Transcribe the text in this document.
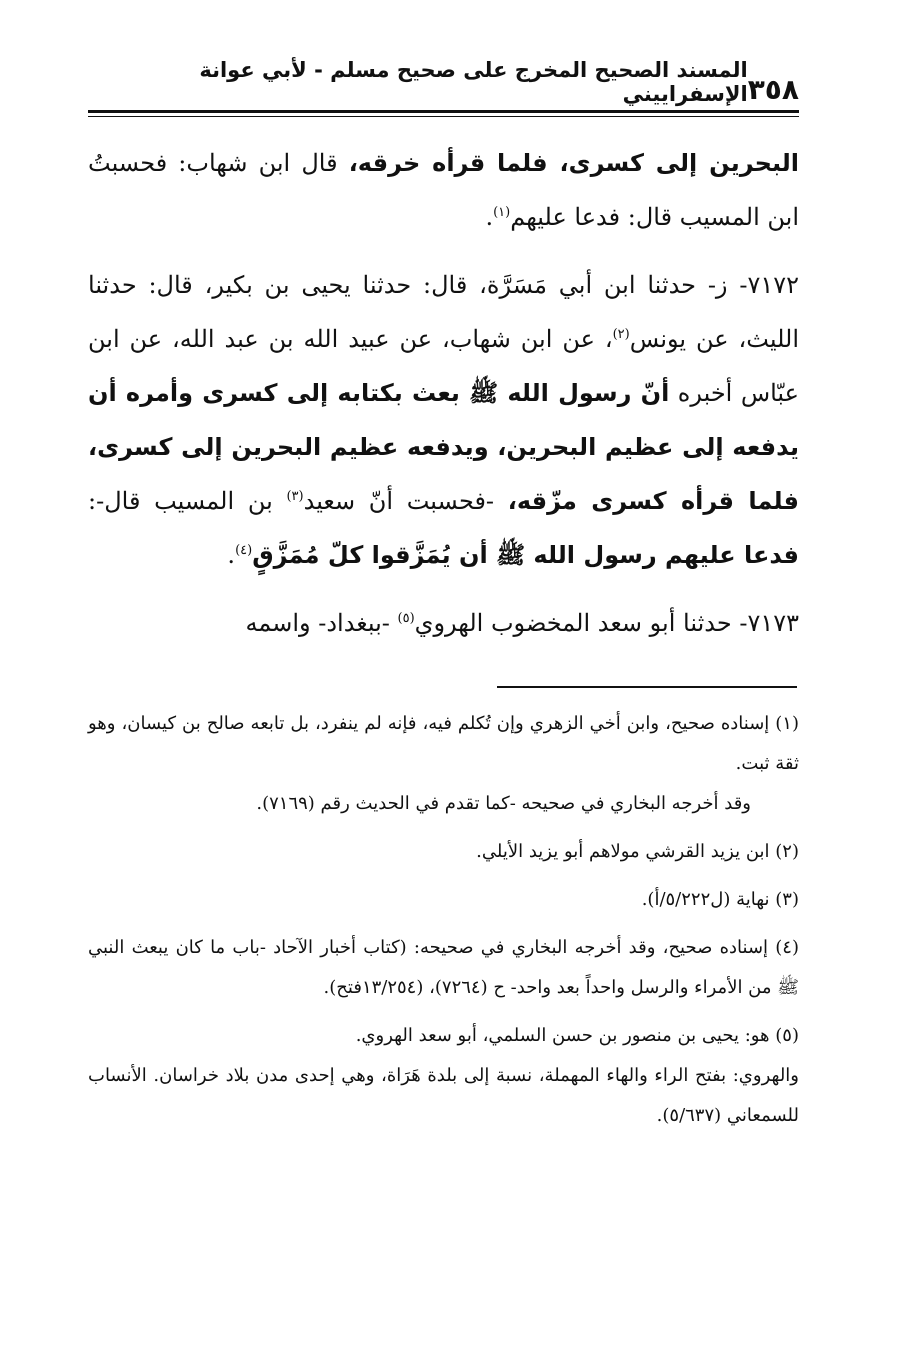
٣٥٨
المسند الصحيح المخرج على صحيح مسلم - لأبي عوانة الإسفراييني

البحرين إلى كسرى، فلما قرأه خرقه، قال ابن شهاب: فحسبتُ ابن المسيب قال: فدعا عليهم$^{(١)}$.

٧١٧٢- ز- حدثنا ابن أبي مَسَرَّة، قال: حدثنا يحيى بن بكير، قال: حدثنا الليث، عن يونس$^{(٢)}$، عن ابن شهاب، عن عبيد الله بن عبد الله، عن ابن عبّاس أخبره أنّ رسول الله ﷺ بعث بكتابه إلى كسرى وأمره أن يدفعه إلى عظيم البحرين، ويدفعه عظيم البحرين إلى كسرى، فلما قرأه كسرى مزّقه، -فحسبت أنّ سعيد$^{(٣)}$ بن المسيب قال-: فدعا عليهم رسول الله ﷺ أن يُمَزَّقوا كلّ مُمَزَّقٍ$^{(٤)}$.

٧١٧٣- حدثنا أبو سعد المخضوب الهروي$^{(٥)}$ -ببغداد- واسمه

(١) إسناده صحيح، وابن أخي الزهري وإن تُكلم فيه، فإنه لم ينفرد، بل تابعه صالح بن كيسان، وهو ثقة ثبت.

وقد أخرجه البخاري في صحيحه -كما تقدم في الحديث رقم (٧١٦٩).

(٢) ابن يزيد القرشي مولاهم أبو يزيد الأيلي.

(٣) نهاية (ل٥/٢٢٢/أ).

(٤) إسناده صحيح، وقد أخرجه البخاري في صحيحه: (كتاب أخبار الآحاد -باب ما كان يبعث النبي ﷺ من الأمراء والرسل واحداً بعد واحد- ح (٧٢٦٤)، (١٣/٢٥٤فتح).

(٥) هو: يحيى بن منصور بن حسن السلمي، أبو سعد الهروي.

والهروي: بفتح الراء والهاء المهملة، نسبة إلى بلدة هَرَاة، وهي إحدى مدن بلاد خراسان. الأنساب للسمعاني (٥/٦٣٧).
